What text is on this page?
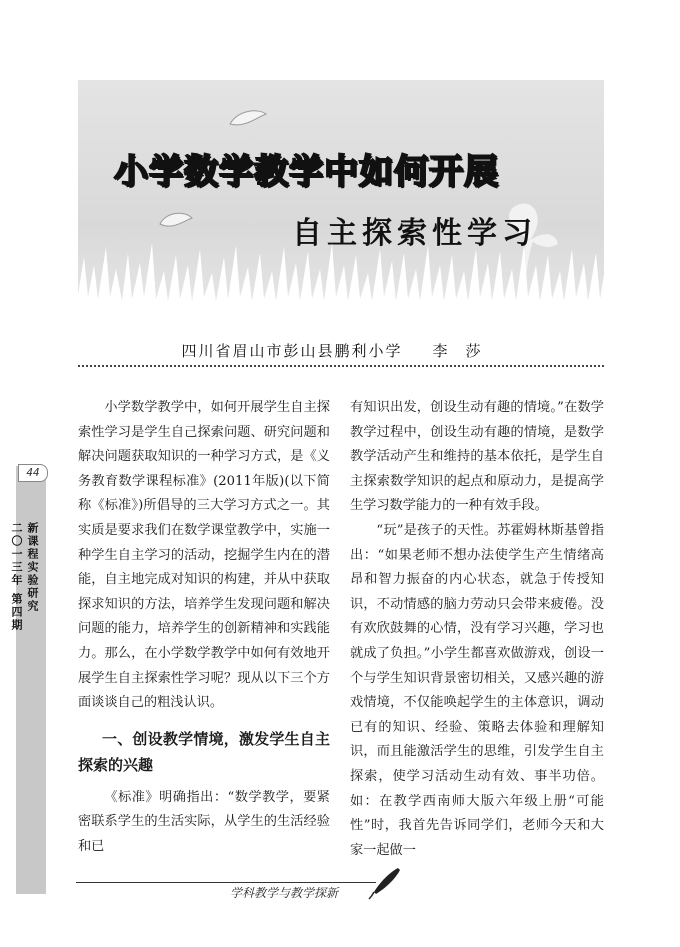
44
新课程实验研究
二〇一三年 第四期
小学数学教学中如何开展
自主探索性学习
四川省眉山市彭山县鹏利小学 李莎

小学数学教学中，如何开展学生自主探索性学习是学生自己探索问题、研究问题和解决问题获取知识的一种学习方式，是《义务教育数学课程标准》(2011年版)(以下简称《标准》)所倡导的三大学习方式之一。其实质是要求我们在数学课堂教学中，实施一种学生自主学习的活动，挖掘学生内在的潜能，自主地完成对知识的构建，并从中获取探求知识的方法，培养学生发现问题和解决问题的能力，培养学生的创新精神和实践能力。那么，在小学数学教学中如何有效地开展学生自主探索性学习呢？现从以下三个方面谈谈自己的粗浅认识。

一、创设教学情境，激发学生自主探索的兴趣

《标准》明确指出：“数学教学，要紧密联系学生的生活实际，从学生的生活经验和已

有知识出发，创设生动有趣的情境。”在数学教学过程中，创设生动有趣的情境，是数学教学活动产生和维持的基本依托，是学生自主探索数学知识的起点和原动力，是提高学生学习数学能力的一种有效手段。

“玩”是孩子的天性。苏霍姆林斯基曾指出：“如果老师不想办法使学生产生情绪高昂和智力振奋的内心状态，就急于传授知识，不动情感的脑力劳动只会带来疲倦。没有欢欣鼓舞的心情，没有学习兴趣，学习也就成了负担。”小学生都喜欢做游戏，创设一个与学生知识背景密切相关，又感兴趣的游戏情境，不仅能唤起学生的主体意识，调动已有的知识、经验、策略去体验和理解知识，而且能激活学生的思维，引发学生自主探索，使学习活动生动有效、事半功倍。如：在教学西南师大版六年级上册“可能性”时，我首先告诉同学们，老师今天和大家一起做一

学科教学与教学探新
